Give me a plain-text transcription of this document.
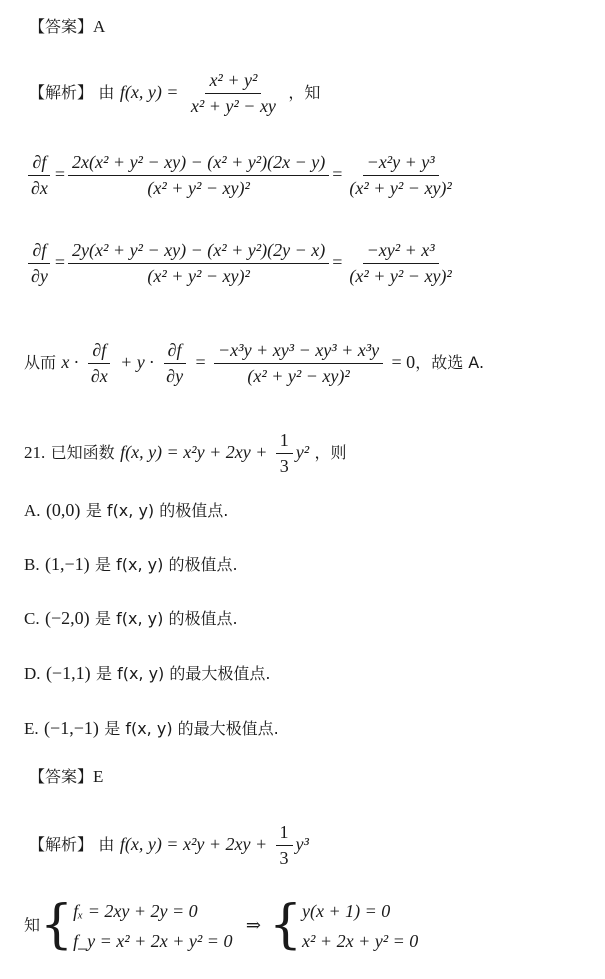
【答案】A
【解析】 由 f(x, $y) = \frac{\text{x² + y²}}{\text{x² + y² − xy}}$ ，知
$\frac{\partial f}{\partial x} = \frac{\text{2x(x² + y² − xy) − (x² + y²)(2x − y)}}{\text{(x² + y² − xy)²}} = \frac{\text{−x²y + y³}}{\text{(x² + y² − xy)²}}$
$\frac{\partial f}{\partial y} = \frac{\text{2y(x² + y² − xy) − (x² + y²)(2y − x)}}{\text{(x² + y² − xy)²}} = \frac{\text{−xy² + x³}}{\text{(x² + y² − xy)²}}$
从而 $x \cdot \frac{\partial f}{\partial x} + y \cdot \frac{\partial f}{\partial y} = \frac{\text{−x³y + xy³ − xy³ + x³y}}{\text{(x² + y² − xy)²}} = 0$，故选 A.
21. 已知函数 f(x, $y) = x^2y + 2xy + \frac{1}{3} y^2$ ，则
A. (0,0) 是 f(x, y) 的极值点.
B. (1,−1) 是 f(x, y) 的极值点.
C. (−2,0) 是 f(x, y) 的极值点.
D. (−1,1) 是 f(x, y) 的最大极值点.
E. (−1,−1) 是 f(x, y) 的最大极值点.
【答案】E
【解析】 由 f(x, $y) = x^2y + 2xy + \frac{1}{3} y^3$
知{ fₓ = 2xy + 2y = 0
f_y = x² + 2x + y² = 0
⇒ { y(x + 1) = 0
x² + 2x + y² = 0
